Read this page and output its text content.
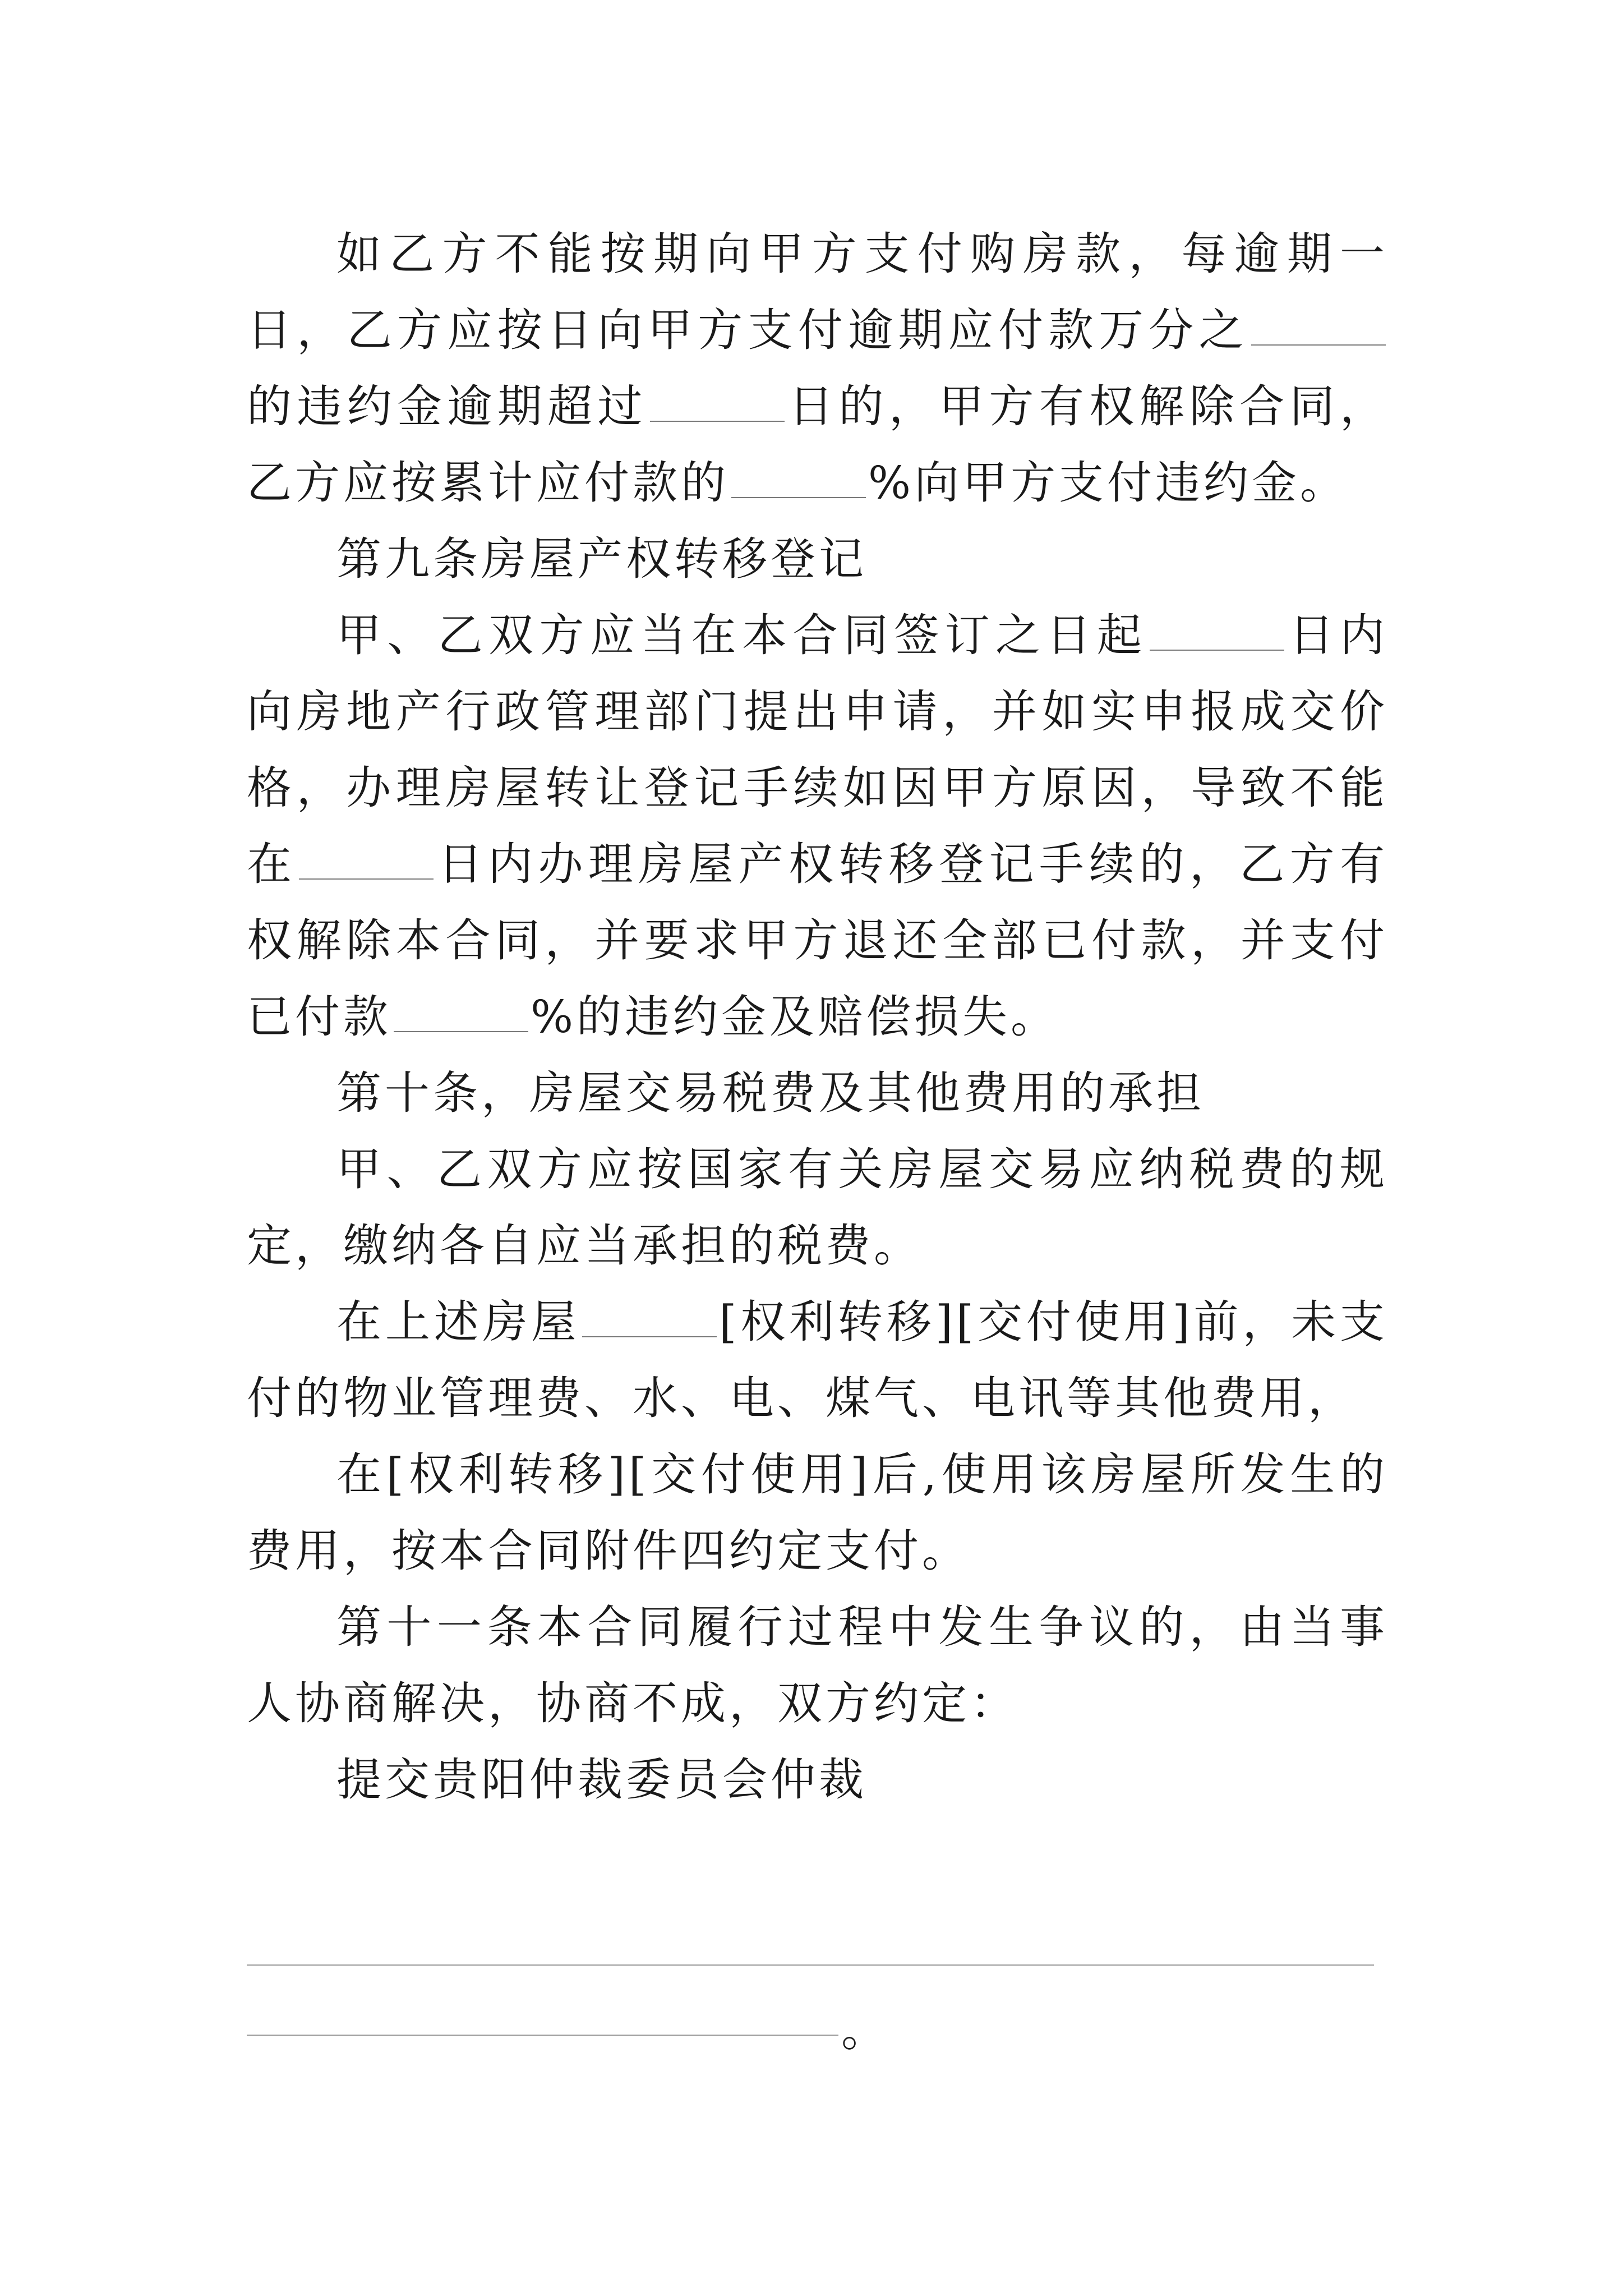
如乙方不能按期向甲方支付购房款，每逾期一日，乙方应按日向甲方支付逾期应付款万分之的违约金逾期超过	日的，甲方有权解除合同，乙方应按累计应付款的	%向甲方支付违约金。

第九条房屋产权转移登记

甲、乙双方应当在本合同签订之日起	日内向房地产行政管理部门提出申请，并如实申报成交价格，办理房屋转让登记手续如因甲方原因，导致不能在	日内办理房屋产权转移登记手续的，乙方有权解除本合同，并要求甲方退还全部已付款，并支付已付款	%的违约金及赔偿损失。

第十条，房屋交易税费及其他费用的承担

甲、乙双方应按国家有关房屋交易应纳税费的规定，缴纳各自应当承担的税费。

在上述房屋	[权利转移][交付使用]前，未支付的物业管理费、水、电、煤气、电讯等其他费用，

在[权利转移][交付使用]后,使用该房屋所发生的费用，按本合同附件四约定支付。

第十一条本合同履行过程中发生争议的，由当事人协商解决，协商不成，双方约定：

提交贵阳仲裁委员会仲裁

。
